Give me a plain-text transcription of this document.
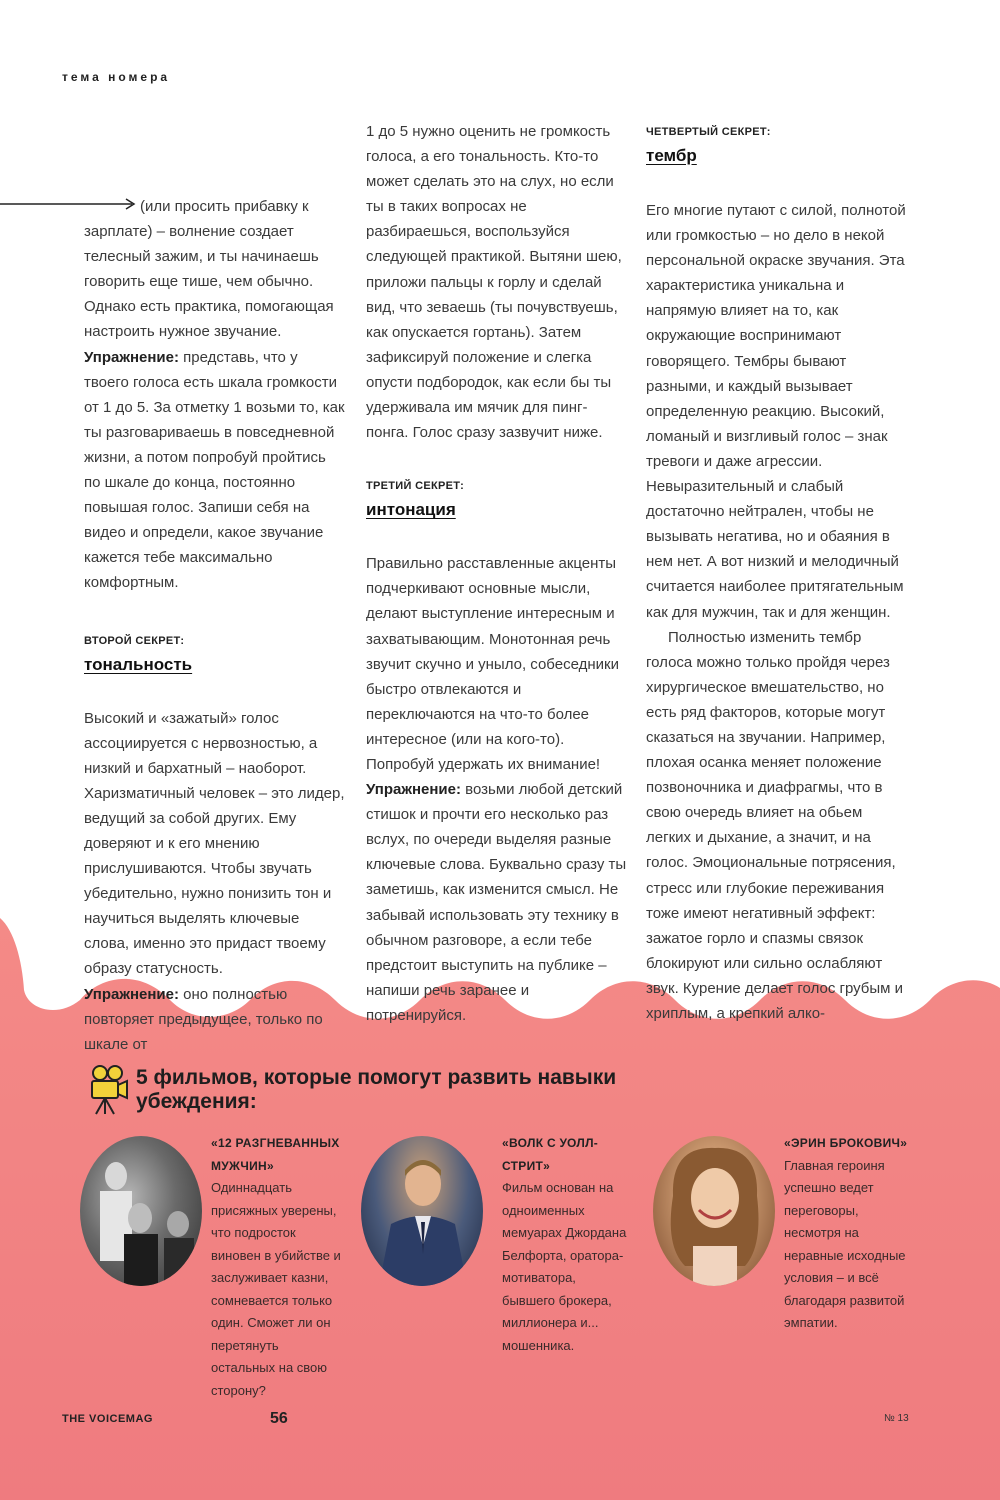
тема номера

(или просить прибавку к зарплате) – волнение создает телесный зажим, и ты начинаешь говорить еще тише, чем обычно. Однако есть практика, помогающая настроить нужное звучание.

Упражнение: представь, что у твоего голоса есть шкала громкости от 1 до 5. За отметку 1 возьми то, как ты разговариваешь в повседневной жизни, а потом попробуй пройтись по шкале до конца, постоянно повышая голос. Запиши себя на видео и определи, какое звучание кажется тебе максимально комфортным.

ВТОРОЙ СЕКРЕТ:

тональность

Высокий и «зажатый» голос ассоциируется с нервозностью, а низкий и бархатный – наоборот. Харизматичный человек – это лидер, ведущий за собой других. Ему доверяют и к его мнению прислушиваются. Чтобы звучать убедительно, нужно понизить тон и научиться выделять ключевые слова, именно это придаст твоему образу статусность.

Упражнение: оно полностью повторяет предыдущее, только по шкале от

1 до 5 нужно оценить не громкость голоса, а его тональность. Кто-то может сделать это на слух, но если ты в таких вопросах не разбираешься, воспользуйся следующей практикой. Вытяни шею, приложи пальцы к горлу и сделай вид, что зеваешь (ты почувствуешь, как опускается гортань). Затем зафиксируй положение и слегка опусти подбородок, как если бы ты удерживала им мячик для пинг-понга. Голос сразу зазвучит ниже.

ТРЕТИЙ СЕКРЕТ:

интонация

Правильно расставленные акценты подчеркивают основные мысли, делают выступление интересным и захватывающим. Монотонная речь звучит скучно и уныло, собеседники быстро отвлекаются и переключаются на что-то более интересное (или на кого-то). Попробуй удержать их внимание!

Упражнение: возьми любой детский стишок и прочти его несколько раз вслух, по очереди выделяя разные ключевые слова. Буквально сразу ты заметишь, как изменится смысл. Не забывай использовать эту технику в обычном разговоре, а если тебе предстоит выступить на публике – напиши речь заранее и потренируйся.

ЧЕТВЕРТЫЙ СЕКРЕТ:

тембр

Его многие путают с силой, полнотой или громкостью – но дело в некой персональной окраске звучания. Эта характеристика уникальна и напрямую влияет на то, как окружающие воспринимают говорящего. Тембры бывают разными, и каждый вызывает определенную реакцию. Высокий, ломаный и визгливый голос – знак тревоги и даже агрессии. Невыразительный и слабый достаточно нейтрален, чтобы не вызывать негатива, но и обаяния в нем нет. А вот низкий и мелодичный считается наиболее притягательным как для мужчин, так и для женщин.

Полностью изменить тембр голоса можно только пройдя через хирургическое вмешательство, но есть ряд факторов, которые могут сказаться на звучании. Например, плохая осанка меняет положение позвоночника и диафрагмы, что в свою очередь влияет на обьем легких и дыхание, а значит, и на голос. Эмоциональные потрясения, стресс или глубокие переживания тоже имеют негативный эффект: зажатое горло и спазмы связок блокируют или сильно ослабляют звук. Курение делает голос грубым и хриплым, а крепкий алко-

5 фильмов, которые помогут развить навыки убеждения:
«12 РАЗГНЕВАННЫХ МУЖЧИН»
Одиннадцать присяжных уверены, что подросток виновен в убийстве и заслуживает казни, сомневается только один. Сможет ли он перетянуть остальных на свою сторону?
«ВОЛК С УОЛЛ-СТРИТ»
Фильм основан на одноименных мемуарах Джордана Белфорта, оратора-мотиватора, бывшего брокера, миллионера и... мошенника.
«ЭРИН БРОКОВИЧ»
Главная героиня успешно ведет переговоры, несмотря на неравные исходные условия – и всё благодаря развитой эмпатии.
THE VOICEMAG	56	№ 13
